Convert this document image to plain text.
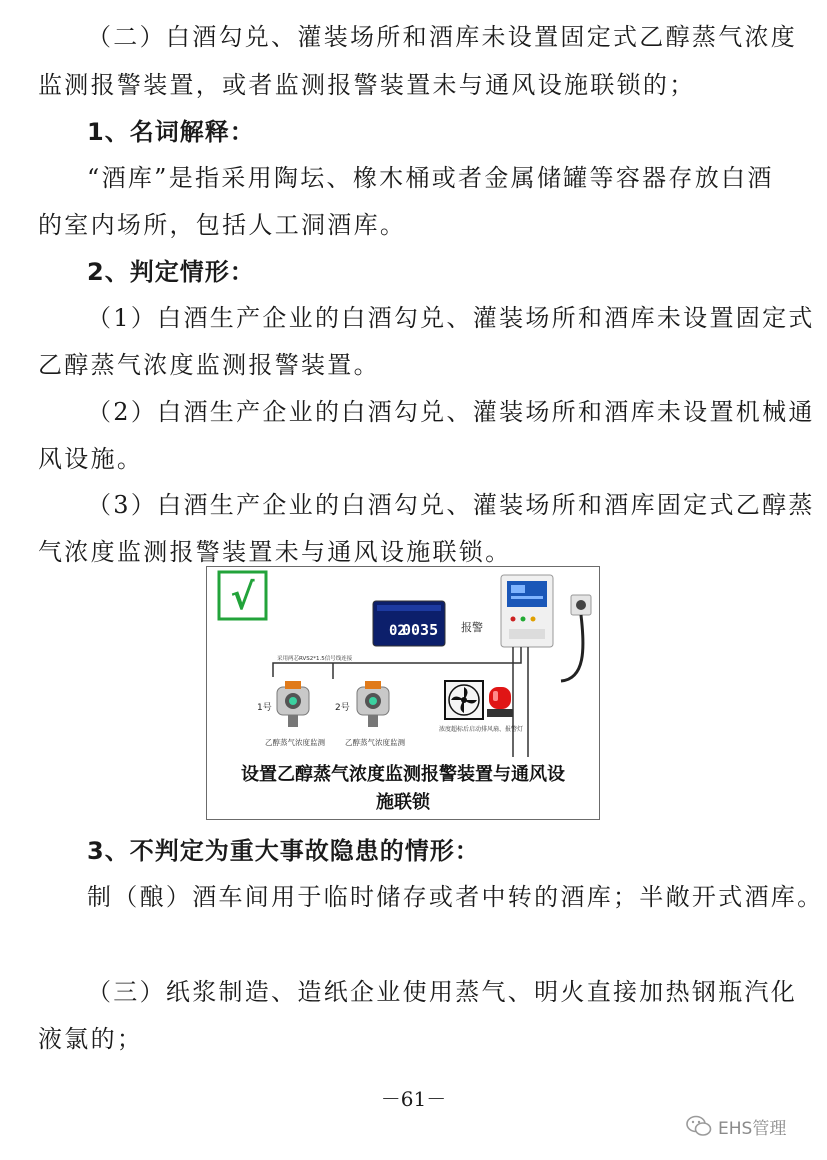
（二）白酒勾兑、灌装场所和酒库未设置固定式乙醇蒸气浓度
监测报警装置，或者监测报警装置未与通风设施联锁的；
1、名词解释：
“酒库”是指采用陶坛、橡木桶或者金属储罐等容器存放白酒
的室内场所，包括人工洞酒库。
2、判定情形：
（1）白酒生产企业的白酒勾兑、灌装场所和酒库未设置固定式
乙醇蒸气浓度监测报警装置。
（2）白酒生产企业的白酒勾兑、灌装场所和酒库未设置机械通
风设施。
（3）白酒生产企业的白酒勾兑、灌装场所和酒库固定式乙醇蒸
气浓度监测报警装置未与通风设施联锁。
√
02
0035 报警
采用两芯RVS2*1.5信号线连接
1号
乙醇蒸气浓度监测
2号
乙醇蒸气浓度监测
浓度超标后启动排风扇、报警灯
设置乙醇蒸气浓度监测报警装置与通风设
施联锁
3、不判定为重大事故隐患的情形：
制（酿）酒车间用于临时储存或者中转的酒库；半敞开式酒库。
（三）纸浆制造、造纸企业使用蒸气、明火直接加热钢瓶汽化
液氯的；
－61－
EHS管理
